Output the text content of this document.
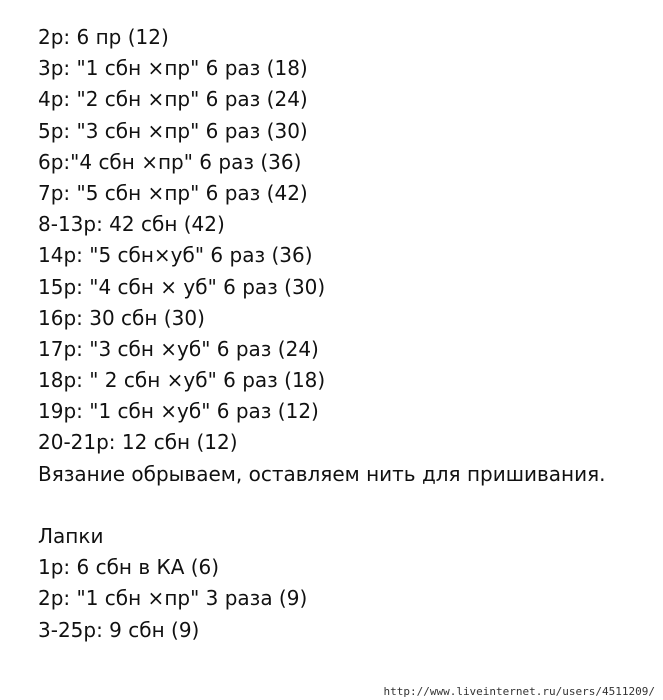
2р: 6 пр (12)
3р: "1 сбн ×пр" 6 раз (18)
4р: "2 сбн ×пр" 6 раз (24)
5р: "3 сбн ×пр" 6 раз (30)
6р:"4 сбн ×пр" 6 раз (36)
7р: "5 сбн ×пр" 6 раз (42)
8-13р: 42 сбн (42)
14р: "5 сбн×уб" 6 раз (36)
15р: "4 сбн × уб" 6 раз (30)
16р: 30 сбн (30)
17р: "3 сбн ×уб" 6 раз (24)
18р: " 2 сбн ×уб" 6 раз (18)
19р: "1 сбн ×уб" 6 раз (12)
20-21р: 12 сбн (12)
Вязание обрываем, оставляем нить для пришивания.
Лапки
1р: 6 сбн в КА (6)
2р: "1 сбн ×пр" 3 раза (9)
3-25р: 9 сбн (9)
http://www.liveinternet.ru/users/4511209/
